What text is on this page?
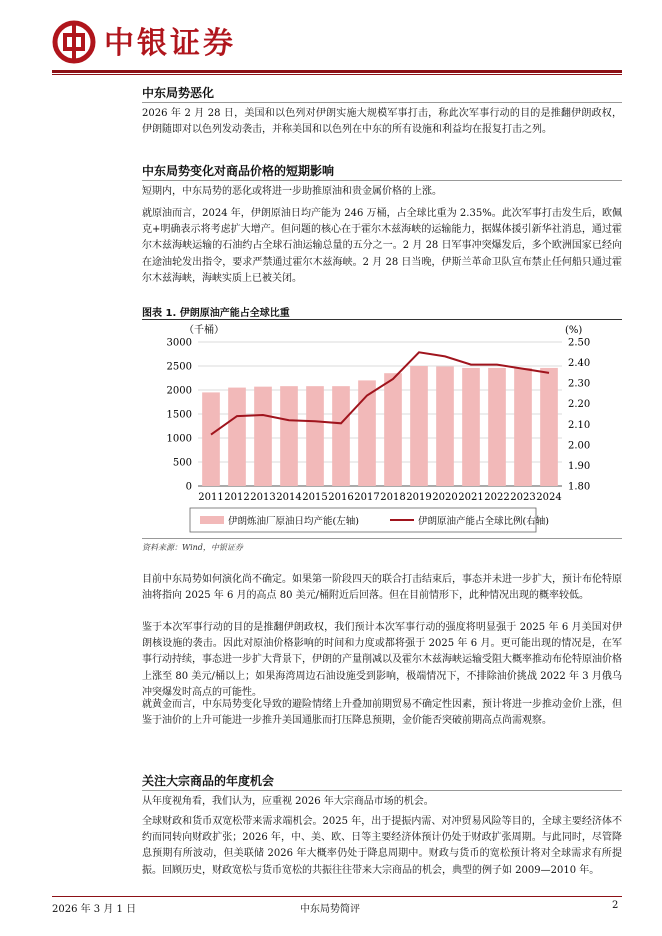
中银证券
中东局势恶化
2026 年 2 月 28 日，美国和以色列对伊朗实施大规模军事打击，称此次军事行动的目的是推翻伊朗政权，伊朗随即对以色列发动袭击，并称美国和以色列在中东的所有设施和利益均在报复打击之列。
中东局势变化对商品价格的短期影响
短期内，中东局势的恶化或将进一步助推原油和贵金属价格的上涨。
就原油而言，2024 年，伊朗原油日均产能为 246 万桶，占全球比重为 2.35%。此次军事打击发生后，欧佩克+明确表示将考虑扩大增产。但问题的核心在于霍尔木兹海峡的运输能力，据媒体援引新华社消息，通过霍尔木兹海峡运输的石油约占全球石油运输总量的五分之一。2 月 28 日军事冲突爆发后，多个欧洲国家已经向在途油轮发出指令，要求严禁通过霍尔木兹海峡。2 月 28 日当晚，伊斯兰革命卫队宣布禁止任何船只通过霍尔木兹海峡，海峡实质上已被关闭。
图表 1. 伊朗原油产能占全球比重
（千桶）	(%)
0
500
1000
1500
2000
2500
3000
1.80
1.90
2.00
2.10
2.20
2.30
2.40
2.50
2011 2012 2013 2014 2015 2016 2017 2018 2019 2020 2021 2022 2023 2024
伊朗炼油厂原油日均产能(左轴)	伊朗原油产能占全球比例(右轴)
资料来源：Wind，中银证券
目前中东局势如何演化尚不确定。如果第一阶段四天的联合打击结束后，事态并未进一步扩大，预计布伦特原油将指向 2025 年 6 月的高点 80 美元/桶附近后回落。但在目前情形下，此种情况出现的概率较低。
鉴于本次军事行动的目的是推翻伊朗政权，我们预计本次军事行动的强度将明显强于 2025 年 6 月美国对伊朗核设施的袭击。因此对原油价格影响的时间和力度或都将强于 2025 年 6 月。更可能出现的情况是，在军事行动持续，事态进一步扩大背景下，伊朗的产量削减以及霍尔木兹海峡运输受阻大概率推动布伦特原油价格上涨至 80 美元/桶以上；如果海湾周边石油设施受到影响，极端情况下，不排除油价挑战 2022 年 3 月俄乌冲突爆发时高点的可能性。
就黄金而言，中东局势变化导致的避险情绪上升叠加前期贸易不确定性因素，预计将进一步推动金价上涨，但鉴于油价的上升可能进一步推升美国通胀而打压降息预期，金价能否突破前期高点尚需观察。
关注大宗商品的年度机会
从年度视角看，我们认为，应重视 2026 年大宗商品市场的机会。
全球财政和货币双宽松带来需求端机会。2025 年，出于提振内需、对冲贸易风险等目的，全球主要经济体不约而同转向财政扩张；2026 年，中、美、欧、日等主要经济体预计仍处于财政扩张周期。与此同时，尽管降息预期有所波动，但美联储 2026 年大概率仍处于降息周期中。财政与货币的宽松预计将对全球需求有所提振。回顾历史，财政宽松与货币宽松的共振往往带来大宗商品的机会，典型的例子如 2009—2010 年。
2026 年 3 月 1 日	中东局势简评	2
